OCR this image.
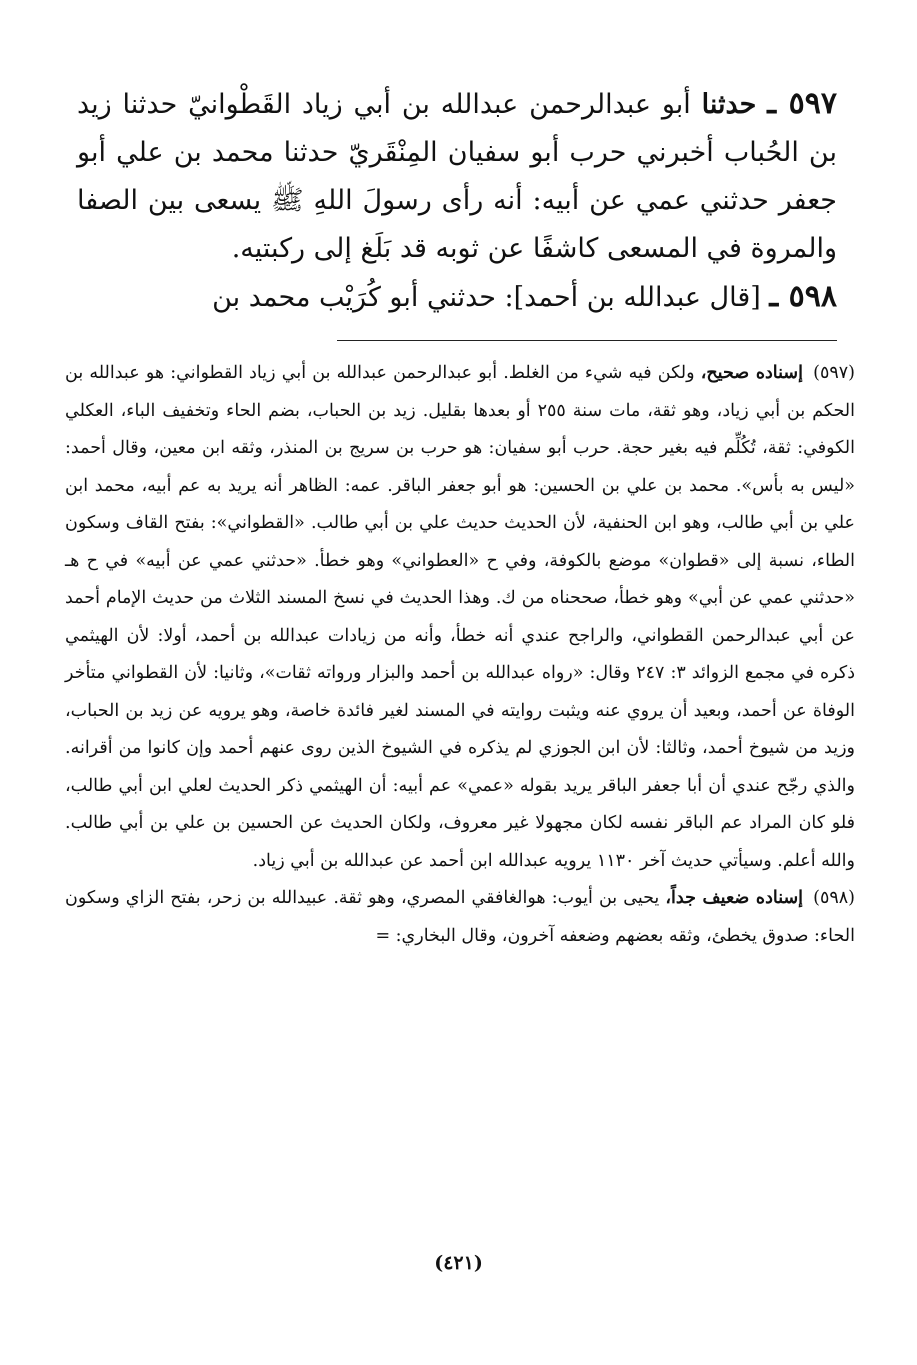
٥٩٧ ـ حدثنا أبو عبدالرحمن عبدالله بن أبي زياد القَطْوانيّ حدثنا زيد بن الحُباب أخبرني حرب أبو سفيان المِنْقَريّ حدثنا محمد بن علي أبو جعفر حدثني عمي عن أبيه: أنه رأى رسولَ اللهِ ﷺ يسعى بين الصفا والمروة في المسعى كاشفًا عن ثوبه قد بَلَغ إلى ركبتيه.

٥٩٨ ـ [قال عبدالله بن أحمد]: حدثني أبو كُرَيْب محمد بن

(٥٩٧) إسناده صحيح، ولكن فيه شيء من الغلط. أبو عبدالرحمن عبدالله بن أبي زياد القطواني: هو عبدالله بن الحكم بن أبي زياد، وهو ثقة، مات سنة ٢٥٥ أو بعدها بقليل. زيد بن الحباب، بضم الحاء وتخفيف الباء، العكلي الكوفي: ثقة، تُكُلِّم فيه بغير حجة. حرب أبو سفيان: هو حرب بن سريج بن المنذر، وثقه ابن معين، وقال أحمد: «ليس به بأس». محمد بن علي بن الحسين: هو أبو جعفر الباقر. عمه: الظاهر أنه يريد به عم أبيه، محمد ابن علي بن أبي طالب، وهو ابن الحنفية، لأن الحديث حديث علي بن أبي طالب. «القطواني»: بفتح القاف وسكون الطاء، نسبة إلى «قطوان» موضع بالكوفة، وفي ح «العطواني» وهو خطأ. «حدثني عمي عن أبيه» في ح هـ «حدثني عمي عن أبي» وهو خطأ، صححناه من ك. وهذا الحديث في نسخ المسند الثلاث من حديث الإمام أحمد عن أبي عبدالرحمن القطواني، والراجح عندي أنه خطأ، وأنه من زيادات عبدالله بن أحمد، أولا: لأن الهيثمي ذكره في مجمع الزوائد ٣: ٢٤٧ وقال: «رواه عبدالله بن أحمد والبزار ورواته ثقات»، وثانيا: لأن القطواني متأخر الوفاة عن أحمد، وبعيد أن يروي عنه ويثبت روايته في المسند لغير فائدة خاصة، وهو يرويه عن زيد بن الحباب، وزيد من شيوخ أحمد، وثالثا: لأن ابن الجوزي لم يذكره في الشيوخ الذين روى عنهم أحمد وإن كانوا من أقرانه. والذي رجّح عندي أن أبا جعفر الباقر يريد بقوله «عمي» عم أبيه: أن الهيثمي ذكر الحديث لعلي ابن أبي طالب، فلو كان المراد عم الباقر نفسه لكان مجهولا غير معروف، ولكان الحديث عن الحسين بن علي بن أبي طالب. والله أعلم. وسيأتي حديث آخر ١١٣٠ يرويه عبدالله ابن أحمد عن عبدالله بن أبي زياد.

(٥٩٨) إسناده ضعيف جداً، يحيى بن أيوب: هوالغافقي المصري، وهو ثقة. عبيدالله بن زحر، بفتح الزاي وسكون الحاء: صدوق يخطئ، وثقه بعضهم وضعفه آخرون، وقال البخاري: =

(٤٢١)
